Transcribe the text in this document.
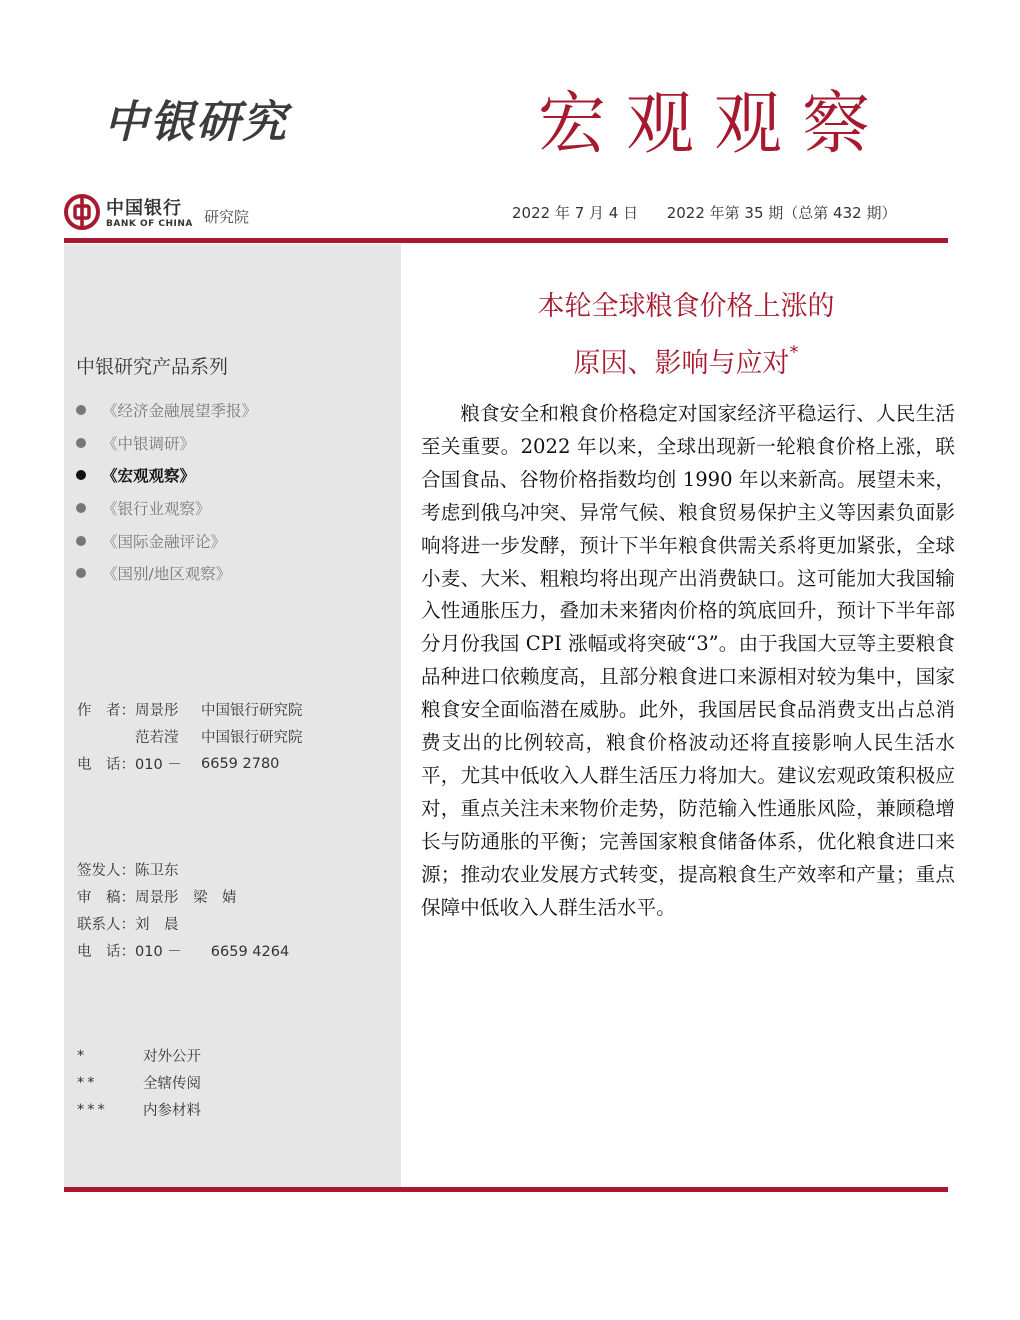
中银研究	宏观观察
中国银行
BANK OF CHINA 研究院	2022 年 7 月 4 日      2022 年第 35 期（总第 432 期）
中银研究产品系列
《经济金融展望季报》
《中银调研》
《宏观观察》
《银行业观察》
《国际金融评论》
《国别/地区观察》
作　者： 周景彤	中国银行研究院
范若滢	中国银行研究院
电　话： 010 －	6659 2780
签发人： 陈卫东
审　稿： 周景彤　梁　婧
联系人： 刘　晨
电　话： 010 －　　6659 4264
*	对外公开
**	全辖传阅
***	内参材料
本轮全球粮食价格上涨的
原因、影响与应对*

粮食安全和粮食价格稳定对国家经济平稳运行、人民生活至关重要。2022 年以来，全球出现新一轮粮食价格上涨，联合国食品、谷物价格指数均创 1990 年以来新高。展望未来，考虑到俄乌冲突、异常气候、粮食贸易保护主义等因素负面影响将进一步发酵，预计下半年粮食供需关系将更加紧张，全球小麦、大米、粗粮均将出现产出消费缺口。这可能加大我国输入性通胀压力，叠加未来猪肉价格的筑底回升，预计下半年部分月份我国 CPI 涨幅或将突破“3”。由于我国大豆等主要粮食品种进口依赖度高，且部分粮食进口来源相对较为集中，国家粮食安全面临潜在威胁。此外，我国居民食品消费支出占总消费支出的比例较高，粮食价格波动还将直接影响人民生活水平，尤其中低收入人群生活压力将加大。建议宏观政策积极应对，重点关注未来物价走势，防范输入性通胀风险，兼顾稳增长与防通胀的平衡；完善国家粮食储备体系，优化粮食进口来源；推动农业发展方式转变，提高粮食生产效率和产量；重点保障中低收入人群生活水平。
